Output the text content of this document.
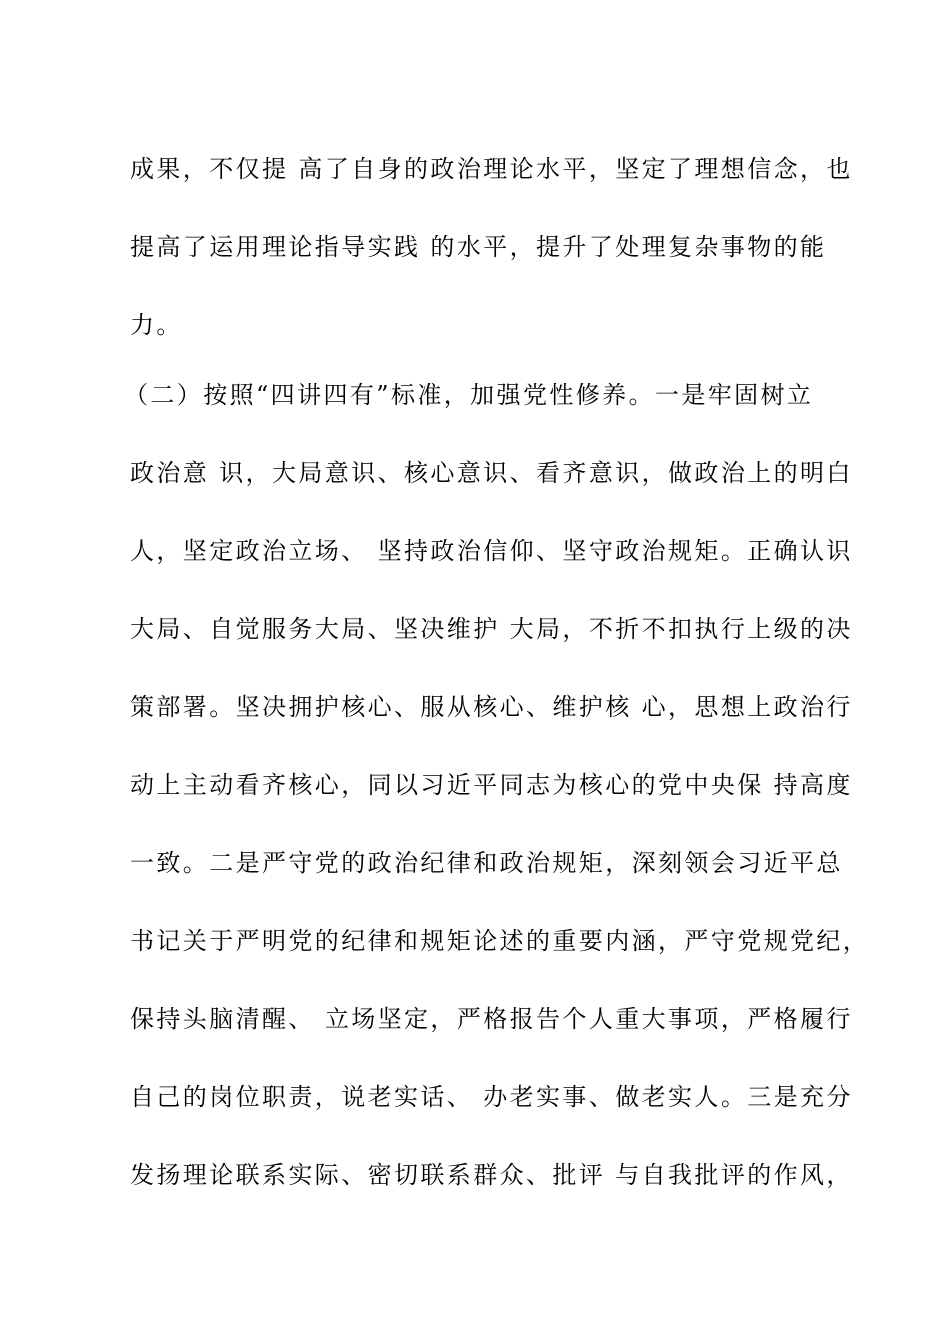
成果，不仅提 高了自身的政治理论水平，坚定了理想信念，也
提高了运用理论指导实践 的水平，提升了处理复杂事物的能
力。
（二）按照“四讲四有”标准，加强党性修养。一是牢固树立
政治意 识，大局意识、核心意识、看齐意识，做政治上的明白
人，坚定政治立场、 坚持政治信仰、坚守政治规矩。正确认识
大局、自觉服务大局、坚决维护 大局，不折不扣执行上级的决
策部署。坚决拥护核心、服从核心、维护核 心，思想上政治行
动上主动看齐核心，同以习近平同志为核心的党中央保 持高度
一致。二是严守党的政治纪律和政治规矩，深刻领会习近平总
书记关于严明党的纪律和规矩论述的重要内涵，严守党规党纪，
保持头脑清醒、 立场坚定，严格报告个人重大事项，严格履行
自己的岗位职责，说老实话、 办老实事、做老实人。三是充分
发扬理论联系实际、密切联系群众、批评 与自我批评的作风，
